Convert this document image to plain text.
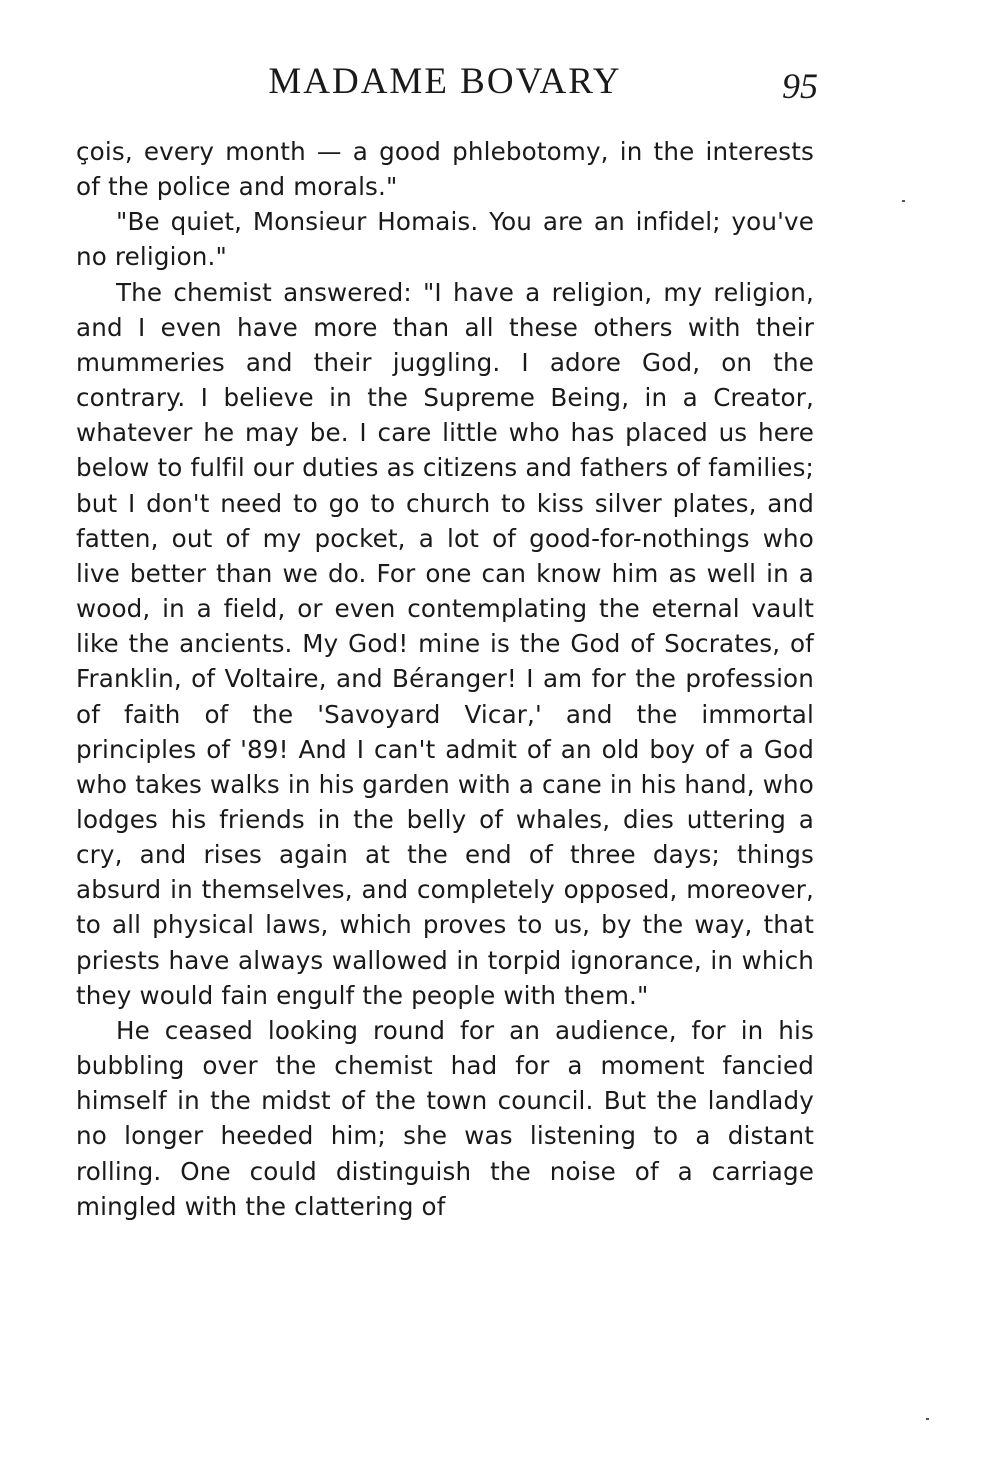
MADAME BOVARY	95

çois, every month — a good phlebotomy, in the interests of the police and morals."

"Be quiet, Monsieur Homais. You are an infidel; you've no religion."

The chemist answered: "I have a religion, my religion, and I even have more than all these others with their mummeries and their juggling. I adore God, on the contrary. I believe in the Supreme Being, in a Creator, whatever he may be. I care little who has placed us here below to fulfil our duties as citizens and fathers of families; but I don't need to go to church to kiss silver plates, and fatten, out of my pocket, a lot of good-for-nothings who live better than we do. For one can know him as well in a wood, in a field, or even contemplating the eternal vault like the ancients. My God! mine is the God of Socrates, of Franklin, of Voltaire, and Béranger! I am for the profession of faith of the 'Savoyard Vicar,' and the immortal principles of '89! And I can't admit of an old boy of a God who takes walks in his garden with a cane in his hand, who lodges his friends in the belly of whales, dies uttering a cry, and rises again at the end of three days; things absurd in themselves, and completely opposed, moreover, to all physical laws, which proves to us, by the way, that priests have always wallowed in torpid ignorance, in which they would fain engulf the people with them."

He ceased looking round for an audience, for in his bubbling over the chemist had for a moment fancied himself in the midst of the town council. But the landlady no longer heeded him; she was listening to a distant rolling. One could distinguish the noise of a carriage mingled with the clattering of
